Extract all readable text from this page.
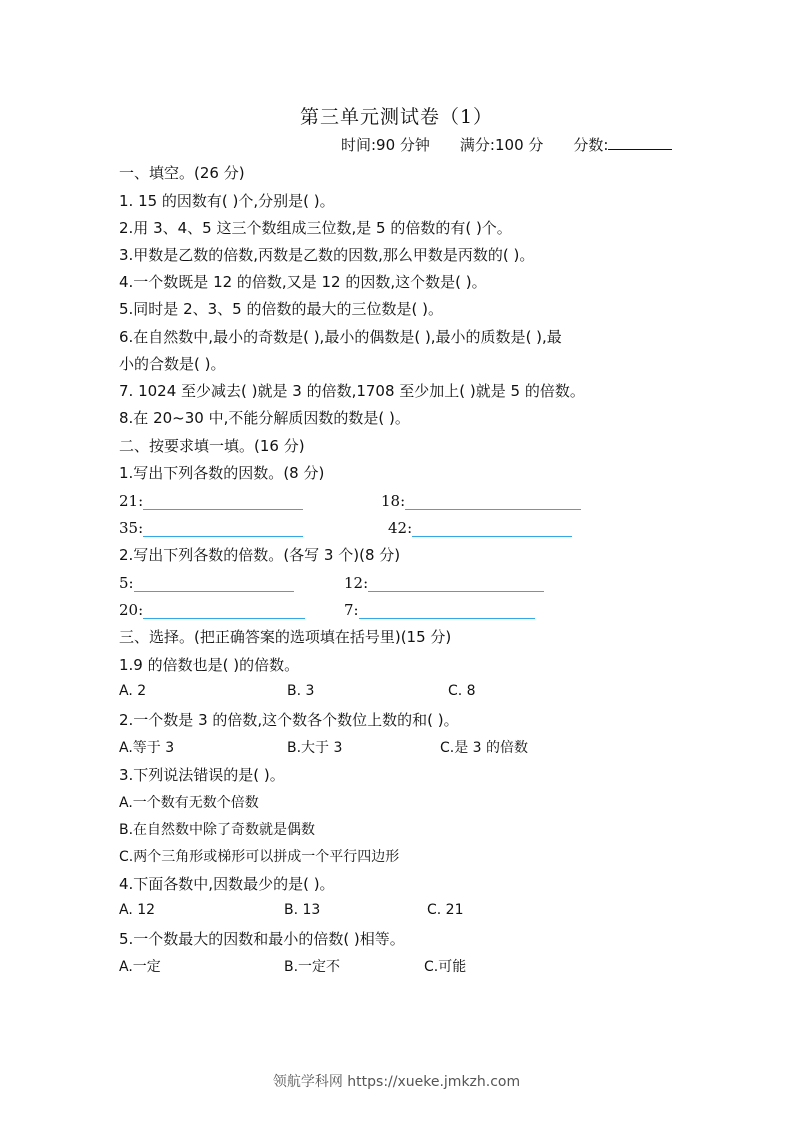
第三单元测试卷（1）
时间:90 分钟 满分:100 分 分数:
一、填空。(26 分)
1. 15 的因数有( )个,分别是( )。
2.用 3、4、5 这三个数组成三位数,是 5 的倍数的有( )个。
3.甲数是乙数的倍数,丙数是乙数的因数,那么甲数是丙数的( )。
4.一个数既是 12 的倍数,又是 12 的因数,这个数是( )。
5.同时是 2、3、5 的倍数的最大的三位数是( )。
6.在自然数中,最小的奇数是( ),最小的偶数是( ),最小的质数是( ),最
小的合数是( )。
7. 1024 至少减去( )就是 3 的倍数,1708 至少加上( )就是 5 的倍数。
8.在 20~30 中,不能分解质因数的数是( )。
二、按要求填一填。(16 分)
1.写出下列各数的因数。(8 分)
21:	18:
35:	42:
2.写出下列各数的倍数。(各写 3 个)(8 分)
5:	12:
20:	7:
三、选择。(把正确答案的选项填在括号里)(15 分)
1.9 的倍数也是( )的倍数。
A. 2	B. 3	C. 8
2.一个数是 3 的倍数,这个数各个数位上数的和( )。
A.等于 3	B.大于 3	C.是 3 的倍数
3.下列说法错误的是( )。
A.一个数有无数个倍数
B.在自然数中除了奇数就是偶数
C.两个三角形或梯形可以拼成一个平行四边形
4.下面各数中,因数最少的是( )。
A. 12	B. 13	C. 21
5.一个数最大的因数和最小的倍数( )相等。
A.一定	B.一定不	C.可能
领航学科网 https://xueke.jmkzh.com
